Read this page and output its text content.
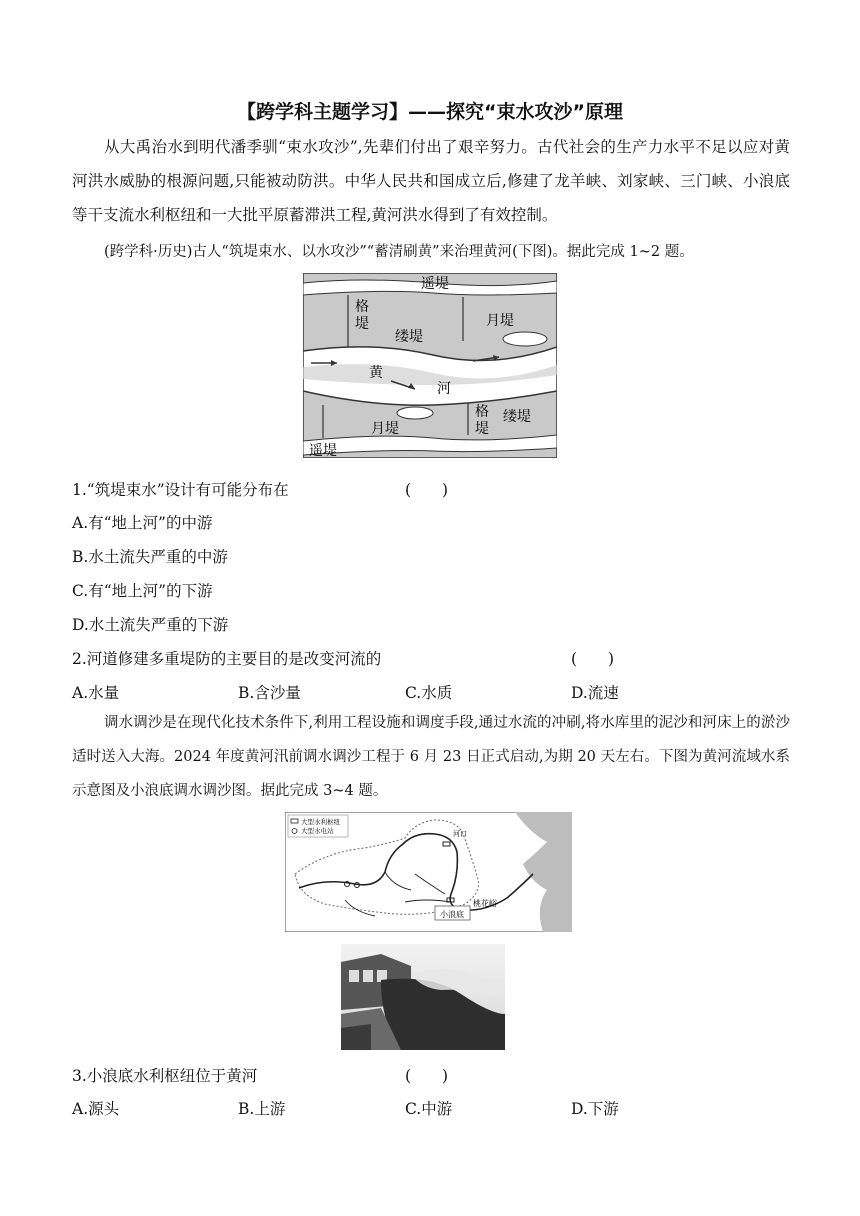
【跨学科主题学习】——探究“束水攻沙”原理
从大禹治水到明代潘季驯“束水攻沙”,先辈们付出了艰辛努力。古代社会的生产力水平不足以应对黄河洪水威胁的根源问题,只能被动防洪。中华人民共和国成立后,修建了龙羊峡、刘家峡、三门峡、小浪底等干支流水利枢纽和一大批平原蓄滞洪工程,黄河洪水得到了有效控制。
(跨学科·历史)古人“筑堤束水、以水攻沙”“蓄清刷黄”来治理黄河(下图)。据此完成 1~2 题。
遥堤
格
堤
缕堤
月堤
黄
河
月堤
格
堤
缕堤
遥堤
1.“筑堤束水”设计有可能分布在	(　　)
A.有“地上河”的中游
B.水土流失严重的中游
C.有“地上河”的下游
D.水土流失严重的下游
2.河道修建多重堤防的主要目的是改变河流的	(　　)
A.水量	B.含沙量	C.水质	D.流速
调水调沙是在现代化技术条件下,利用工程设施和调度手段,通过水流的冲刷,将水库里的泥沙和河床上的淤沙适时送入大海。2024 年度黄河汛前调水调沙工程于 6 月 23 日正式启动,为期 20 天左右。下图为黄河流域水系示意图及小浪底调水调沙图。据此完成 3~4 题。
大型水利枢纽
大型水电站	河口
小浪底
桃花峪
3.小浪底水利枢纽位于黄河	(　　)
A.源头	B.上游	C.中游	D.下游
